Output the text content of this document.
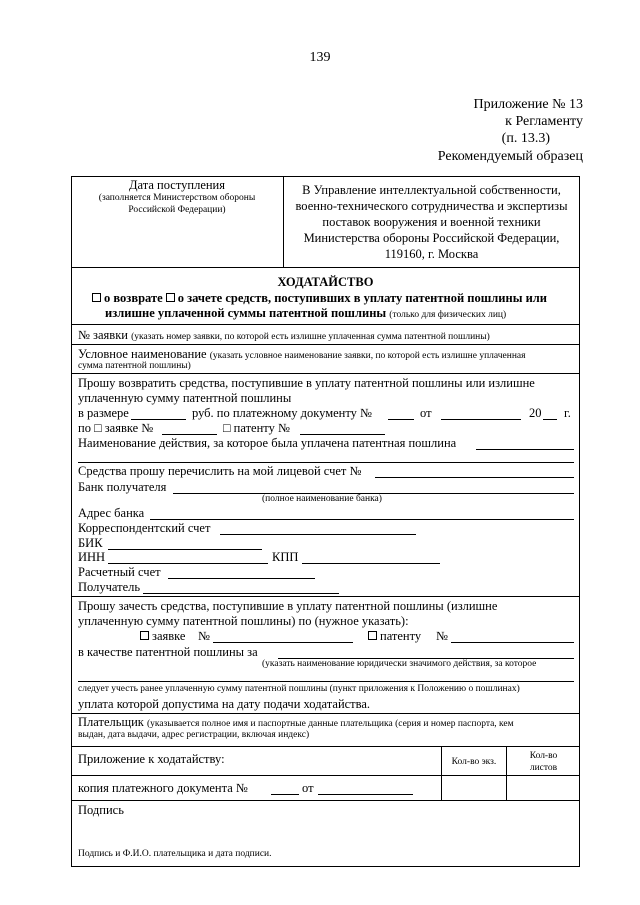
139
Приложение № 13
к Регламенту
(п. 13.3)
Рекомендуемый образец
Дата поступления
(заполняется Министерством обороны
Российской Федерации)
В Управление интеллектуальной собственности,
военно-технического сотрудничества и экспертизы
поставок вооружения и военной техники
Министерства обороны Российской Федерации,
119160, г. Москва
ХОДАТАЙСТВО
о возврате о зачете средств, поступивших в уплату патентной пошлины или
излишне уплаченной суммы патентной пошлины (только для физических лиц)
№ заявки (указать номер заявки, по которой есть излишне уплаченная сумма патентной пошлины)
Условное наименование (указать условное наименование заявки, по которой есть излишне уплаченная
сумма патентной пошлины)
Прошу возвратить средства, поступившие в уплату патентной пошлины или излишне
уплаченную сумму патентной пошлины
в размере	руб. по платежному документу №	от	20 г.
по □ заявке №	□ патенту №
Наименование действия, за которое была уплачена патентная пошлина
Средства прошу перечислить на мой лицевой счет №
Банк получателя
(полное наименование банка)
Адрес банка
Корреспондентский счет
БИК
ИНН	КПП
Расчетный счет
Получатель
Прошу зачесть средства, поступившие в уплату патентной пошлины (излишне
уплаченную сумму патентной пошлины) по (нужное указать):
заявке №	патенту №
в качестве патентной пошлины за
(указать наименование юридически значимого действия, за которое
следует учесть ранее уплаченную сумму патентной пошлины (пункт приложения к Положению о пошлинах)
уплата которой допустима на дату подачи ходатайства.
Плательщик (указывается полное имя и паспортные данные плательщика (серия и номер паспорта, кем
выдан, дата выдачи, адрес регистрации, включая индекс)
Приложение к ходатайству:	Кол-во экз.
Кол-во
листов
копия платежного документа №	от
Подпись
Подпись и Ф.И.О. плательщика и дата подписи.
